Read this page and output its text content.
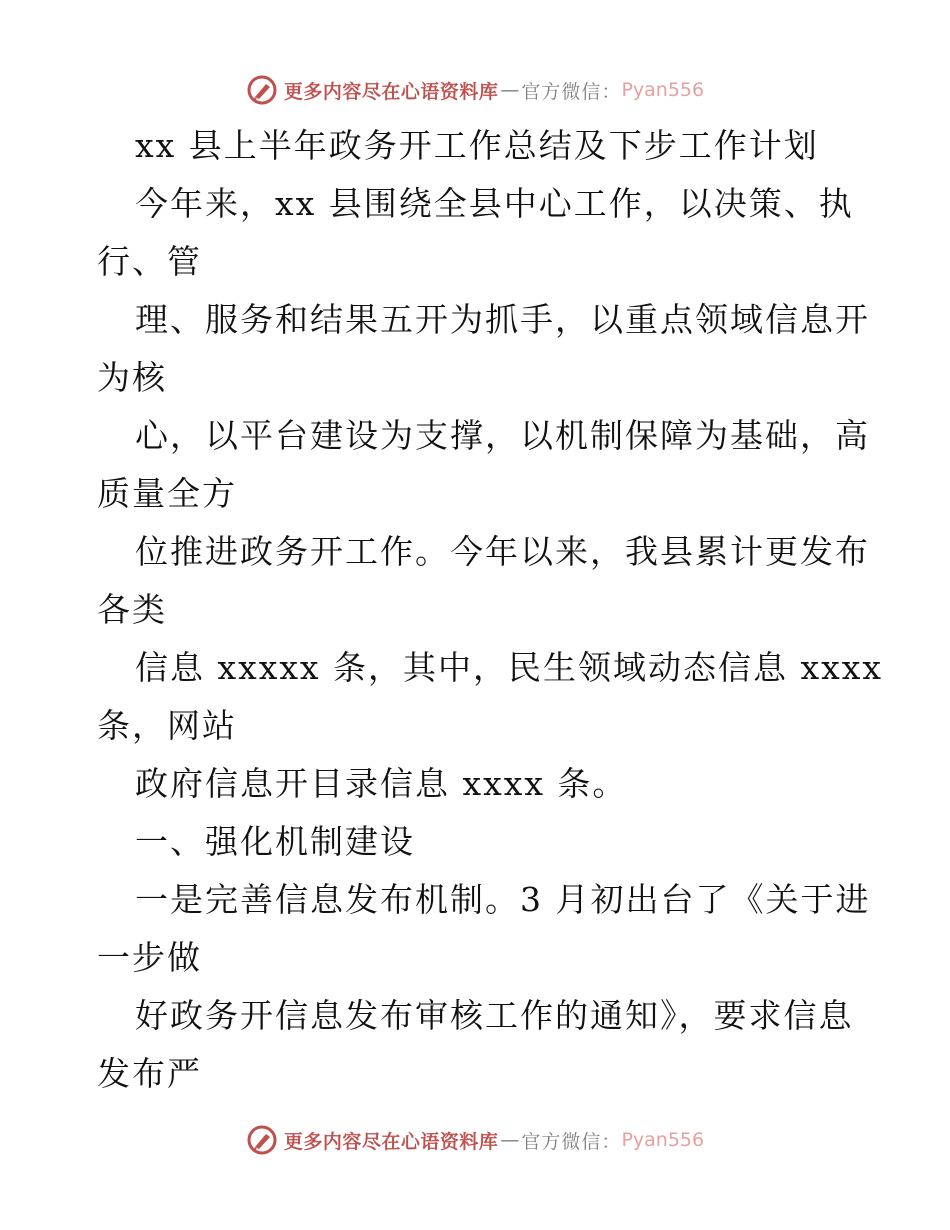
更多内容尽在心语资料库 — 官方微信： Pyan556
xx 县上半年政务开工作总结及下步工作计划
今年来，xx 县围绕全县中心工作，以决策、执
行、管
理、服务和结果五开为抓手，以重点领域信息开
为核
心，以平台建设为支撑，以机制保障为基础，高
质量全方
位推进政务开工作。今年以来，我县累计更发布
各类
信息 xxxxx 条，其中，民生领域动态信息 xxxx
条，网站
政府信息开目录信息 xxxx 条。
一、强化机制建设
一是完善信息发布机制。3 月初出台了《关于进
一步做
好政务开信息发布审核工作的通知》，要求信息
发布严
更多内容尽在心语资料库 — 官方微信： Pyan556
